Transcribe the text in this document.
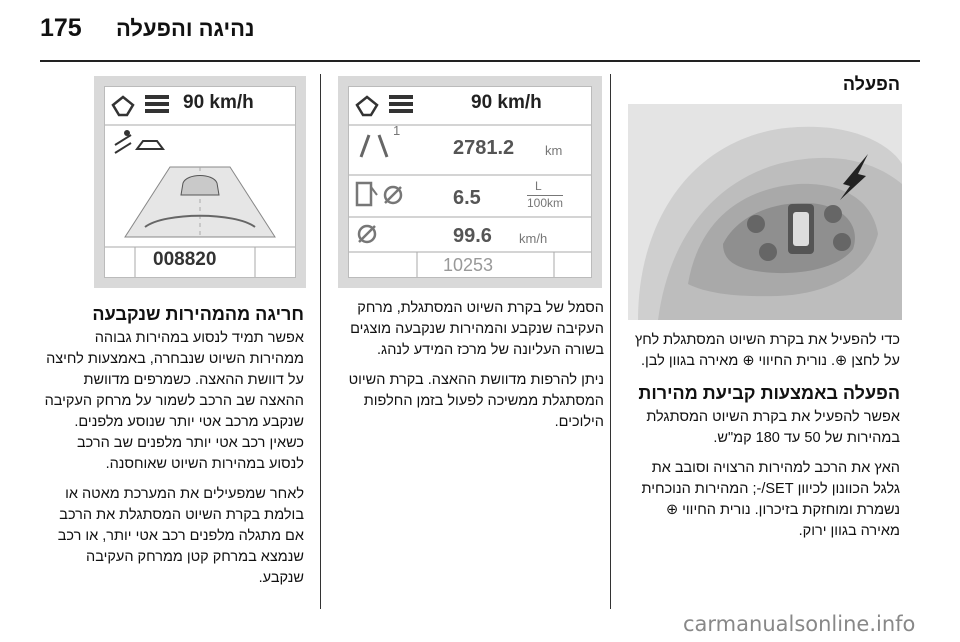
175 נהיגה והפעלה
הפעלה

כדי להפעיל את בקרת השיוט המסתגלת לחץ על לחצן ⊕. נורית החיווי ⊕ מאירה בגוון לבן.

הפעלה באמצעות קביעת מהירות

אפשר להפעיל את בקרת השיוט המסתגלת במהירות של 50 עד 180 קמ"ש.

האץ את הרכב למהירות הרצויה וסובב את גלגל הכוונון לכיוון SET/-; המהירות הנוכחית נשמרת ומוחזקת בזיכרון. נורית החיווי ⊕ מאירה בגוון ירוק.

90 km/h
1
2781.2 km
L
100km
6.5
99.6 km/h
10253

הסמל של בקרת השיוט המסתגלת, מרחק העקיבה שנקבע והמהירות שנקבעה מוצגים בשורה העליונה של מרכז המידע לנהג.

ניתן להרפות מדוושת ההאצה. בקרת השיוט המסתגלת ממשיכה לפעול בזמן החלפות הילוכים.

90 km/h
008820
חריגה מהמהירות שנקבעה

אפשר תמיד לנסוע במהירות גבוהה ממהירות השיוט שנבחרה, באמצעות לחיצה על דוושת ההאצה. כשמרפים מדוושת ההאצה שב הרכב לשמור על מרחק העקיבה שנקבע מרכב אטי יותר שנוסע מלפנים. כשאין רכב אטי יותר מלפנים שב הרכב לנסוע במהירות השיוט שאוחסנה.

לאחר שמפעילים את המערכת מאטה או בולמת בקרת השיוט המסתגלת את הרכב אם מתגלה מלפנים רכב אטי יותר, או רכב שנמצא במרחק קטן ממרחק העקיבה שנקבע.

carmanualsonline.info
